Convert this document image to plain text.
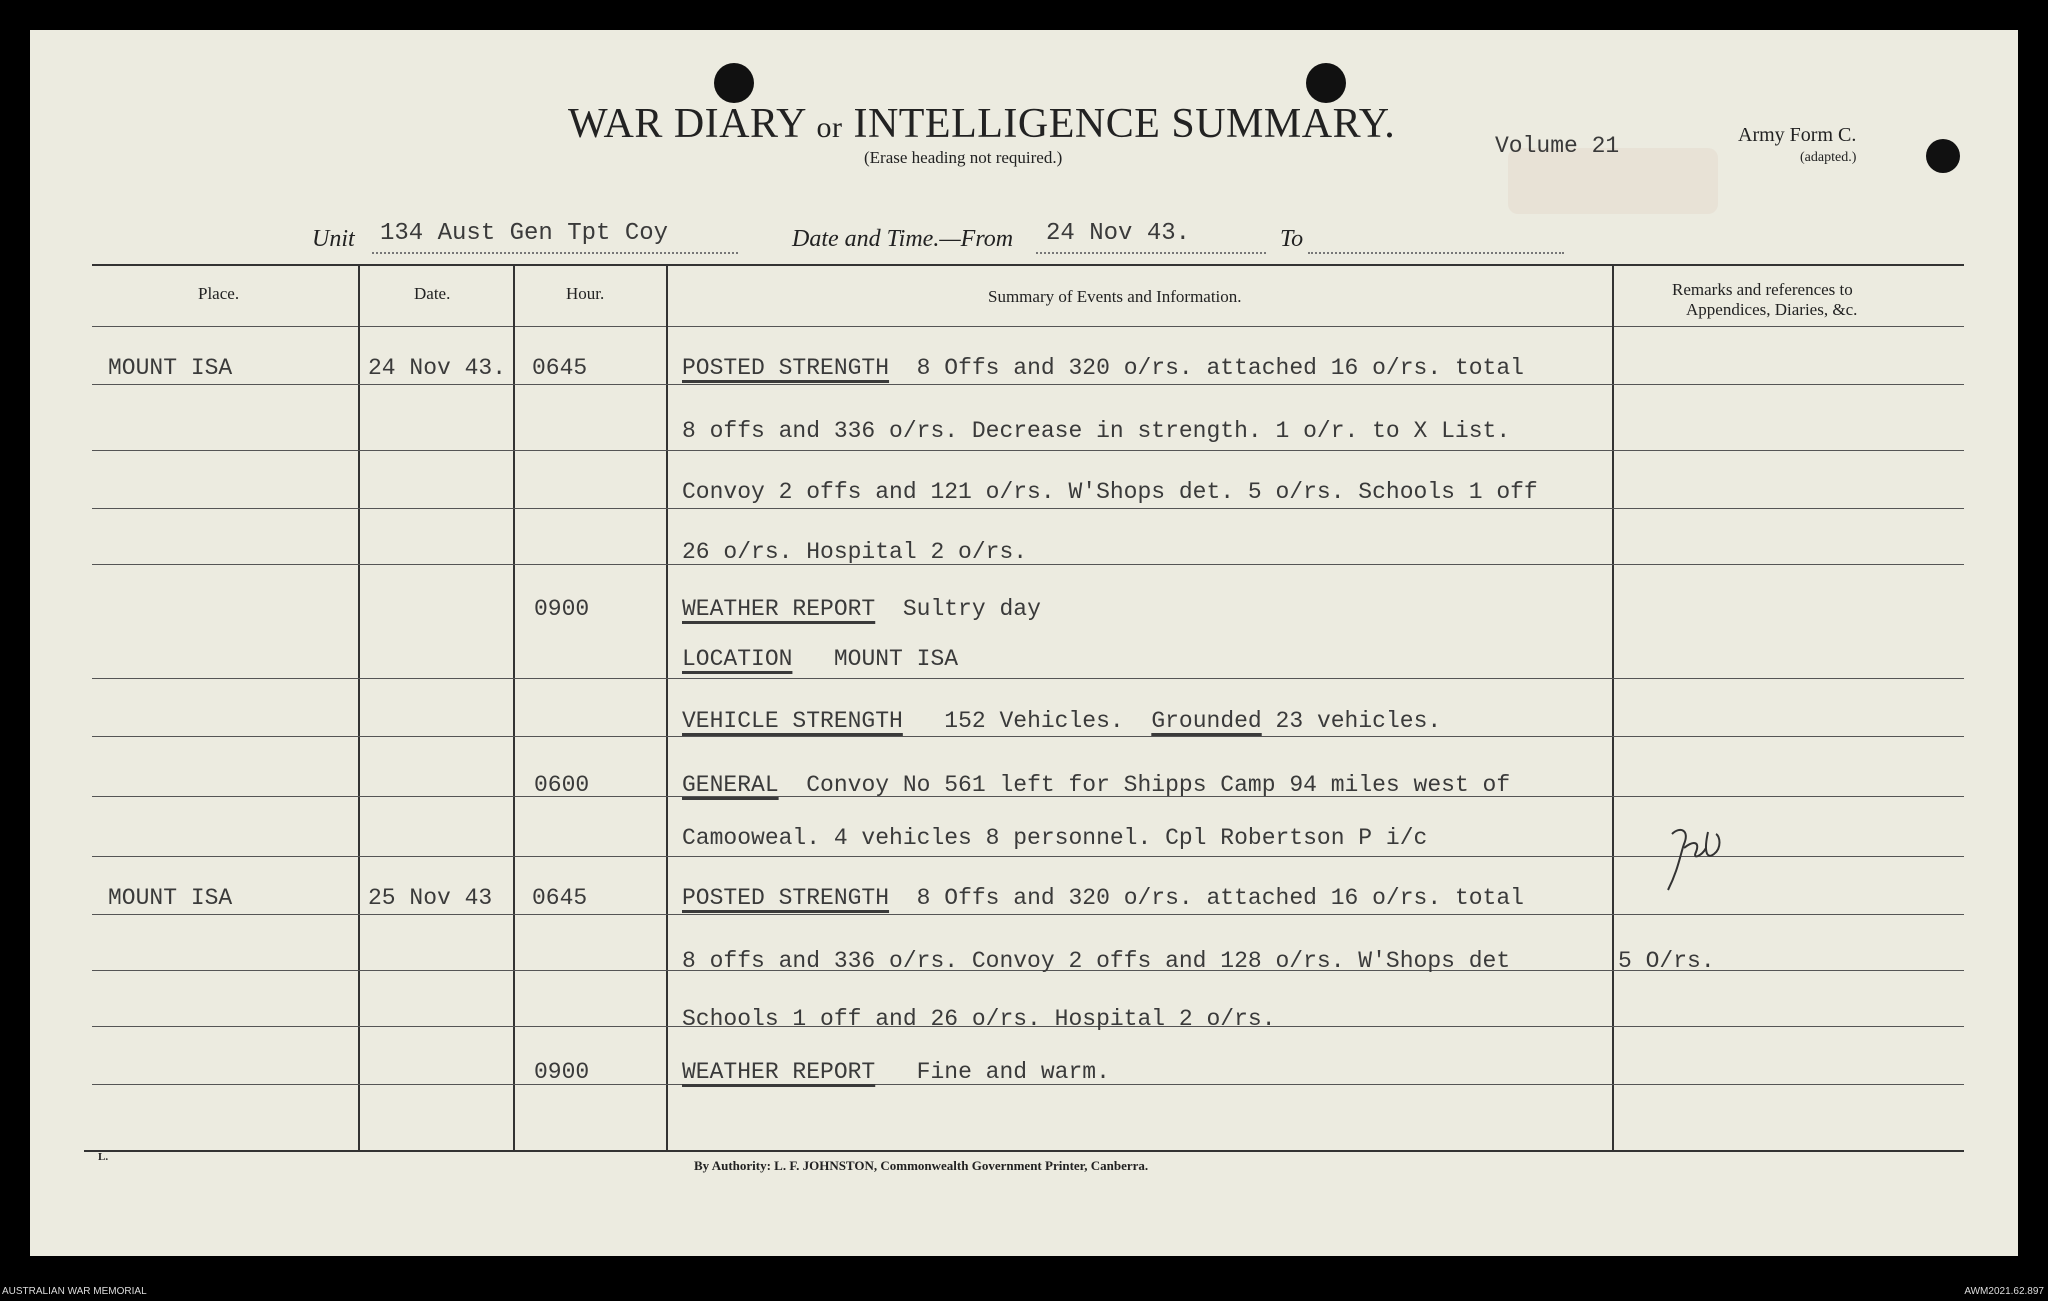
WAR DIARY or INTELLIGENCE SUMMARY.
(Erase heading not required.)	Volume 21	Army Form C.
(adapted.)
Unit 134 Aust Gen Tpt Coy	Date and Time.—From 24 Nov 43.	To
Place.	Date.	Hour.	Summary of Events and Information.	Remarks and references to
Appendices, Diaries, &c.
MOUNT ISA	24 Nov 43. 0645	POSTED STRENGTH 8 Offs and 320 o/rs. attached 16 o/rs. total
8 offs and 336 o/rs. Decrease in strength. 1 o/r. to X List.
Convoy 2 offs and 121 o/rs. W'Shops det. 5 o/rs. Schools 1 off
26 o/rs. Hospital 2 o/rs.
0900	WEATHER REPORT Sultry day
LOCATION MOUNT ISA
VEHICLE STRENGTH 152 Vehicles. Grounded 23 vehicles.
0600	GENERAL Convoy No 561 left for Shipps Camp 94 miles west of
Camooweal. 4 vehicles 8 personnel. Cpl Robertson P i/c
MOUNT ISA	25 Nov 43 0645	POSTED STRENGTH 8 Offs and 320 o/rs. attached 16 o/rs. total
8 offs and 336 o/rs. Convoy 2 offs and 128 o/rs. W'Shops det	5 O/rs.
Schools 1 off and 26 o/rs. Hospital 2 o/rs.
0900	WEATHER REPORT Fine and warm.
L.
By Authority: L. F. JOHNSTON, Commonwealth Government Printer, Canberra.
AUSTRALIAN WAR MEMORIAL	AWM2021.62.897
